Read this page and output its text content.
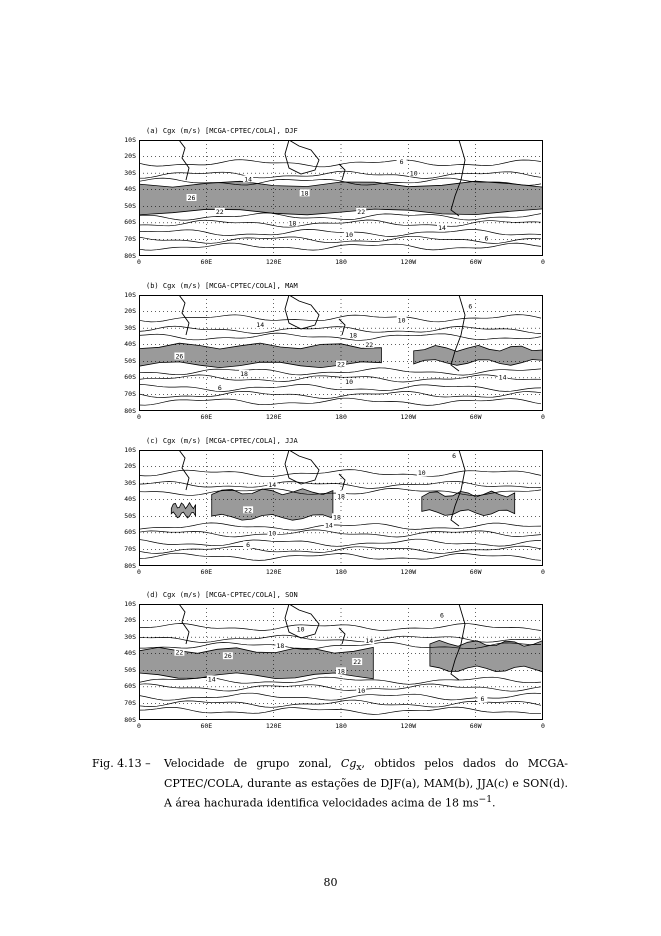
(a) Cgx (m/s) [MCGA-CPTEC/COLA], DJF
10S
20S
30S
40S
50S
60S
70S
80S
0	60E	120E	180	120W	60W	0
6
10
14
18
22
26
22
18
14
10	6
(b) Cgx (m/s) [MCGA-CPTEC/COLA], MAM
10S
20S
30S
40S
50S
60S
70S
80S
0	60E	120E	180	120W	60W	0
6
10
14
18
22
26
22
18	14
10
6
(c) Cgx (m/s) [MCGA-CPTEC/COLA], JJA
10S
20S
30S
40S
50S
60S
70S
80S
0	60E	120E	180	120W	60W	0
6
10
14
18
22
18
14
10
6
(d) Cgx (m/s) [MCGA-CPTEC/COLA], SON
10S
20S
30S
40S
50S
60S
70S
80S
0	60E	120E	180	120W	60W	0
6
10
14
18
22	26
22
18
14
10
6
Fig. 4.13 – Velocidade de grupo zonal, $Cg_x$, obtidos pelos dados do MCGA-CPTEC/COLA, durante as estações de DJF(a), MAM(b), JJA(c) e SON(d). A área hachurada identifica velocidades acima de 18 $ms^{-1}$.
80
